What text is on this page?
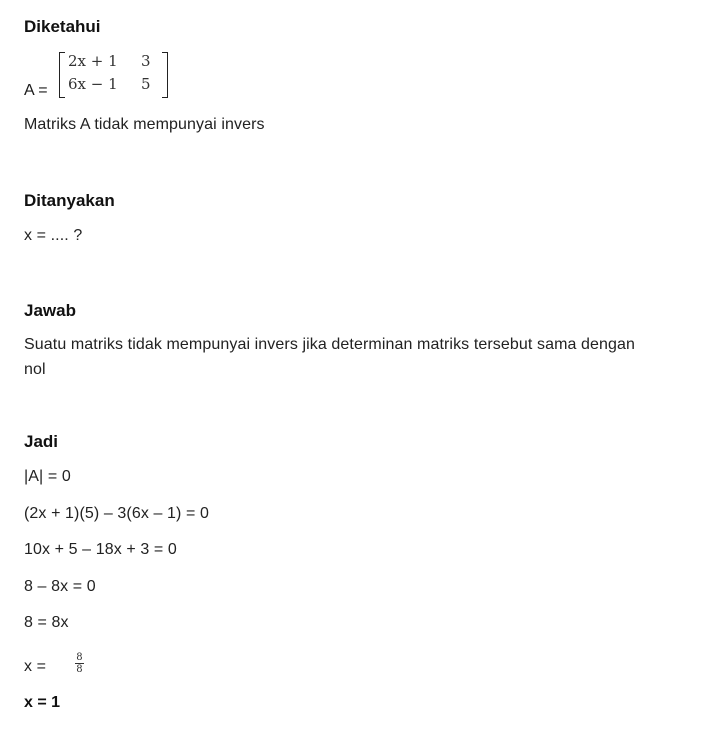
Diketahui
A =
2x + 1 3
6x − 1 5
Matriks A tidak mempunyai invers
Ditanyakan
x = .... ?
Jawab
Suatu matriks tidak mempunyai invers jika determinan matriks tersebut sama dengan
nol
Jadi
|A| = 0
(2x + 1)(5) – 3(6x – 1) = 0
10x + 5 – 18x + 3 = 0
8 – 8x = 0
8 = 8x
x =	$\frac{8}{8}$
x = 1
